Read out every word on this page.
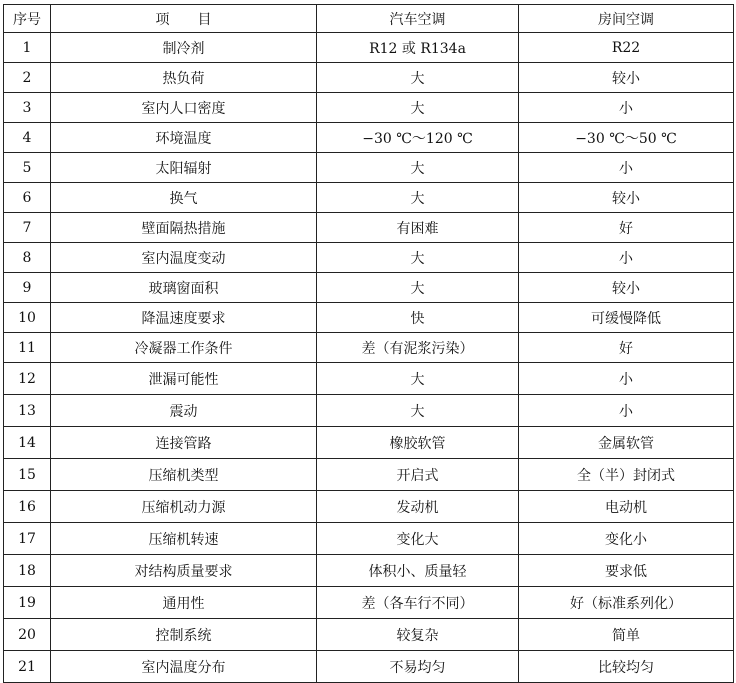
序号	项　　目	汽车空调	房间空调
1	制冷剂	R12 或 R134a	R22
2	热负荷	大	较小
3	室内人口密度	大	小
4	环境温度	−30 ℃～120 ℃	−30 ℃～50 ℃
5	太阳辐射	大	小
6	换气	大	较小
7	壁面隔热措施	有困难	好
8	室内温度变动	大	小
9	玻璃窗面积	大	较小
10	降温速度要求	快	可缓慢降低
11	冷凝器工作条件	差（有泥浆污染）	好
12	泄漏可能性	大	小
13	震动	大	小
14	连接管路	橡胶软管	金属软管
15	压缩机类型	开启式	全（半）封闭式
16	压缩机动力源	发动机	电动机
17	压缩机转速	变化大	变化小
18	对结构质量要求	体积小、质量轻	要求低
19	通用性	差（各车行不同）	好（标准系列化）
20	控制系统	较复杂	简单
21	室内温度分布	不易均匀	比较均匀
